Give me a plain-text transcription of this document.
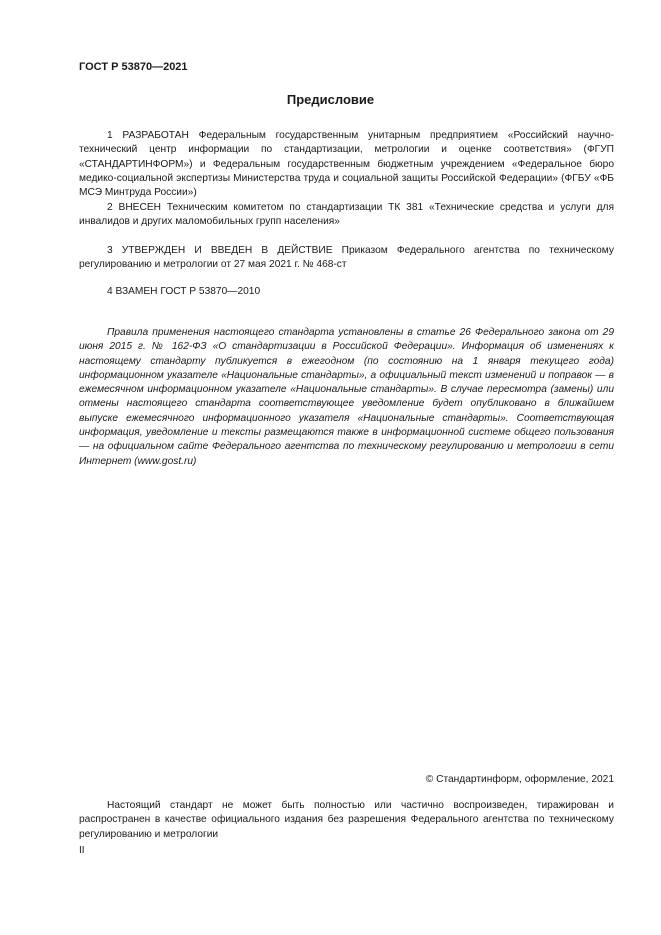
ГОСТ Р 53870—2021
Предисловие

1 РАЗРАБОТАН Федеральным государственным унитарным предприятием «Российский научно-технический центр информации по стандартизации, метрологии и оценке соответствия» (ФГУП «СТАНДАРТИНФОРМ») и Федеральным государственным бюджетным учреждением «Федеральное бюро медико-социальной экспертизы Министерства труда и социальной защиты Российской Федерации» (ФГБУ «ФБ МСЭ Минтруда России»)

2 ВНЕСЕН Техническим комитетом по стандартизации ТК 381 «Технические средства и услуги для инвалидов и других маломобильных групп населения»

3 УТВЕРЖДЕН И ВВЕДЕН В ДЕЙСТВИЕ Приказом Федерального агентства по техническому регулированию и метрологии от 27 мая 2021 г. № 468-ст

4 ВЗАМЕН ГОСТ Р 53870—2010

Правила применения настоящего стандарта установлены в статье 26 Федерального закона от 29 июня 2015 г. № 162-ФЗ «О стандартизации в Российской Федерации». Информация об изменениях к настоящему стандарту публикуется в ежегодном (по состоянию на 1 января текущего года) информационном указателе «Национальные стандарты», а официальный текст изменений и поправок — в ежемесячном информационном указателе «Национальные стандарты». В случае пересмотра (замены) или отмены настоящего стандарта соответствующее уведомление будет опубликовано в ближайшем выпуске ежемесячного информационного указателя «Национальные стандарты». Соответствующая информация, уведомление и тексты размещаются также в информационной системе общего пользования — на официальном сайте Федерального агентства по техническому регулированию и метрологии в сети Интернет (www.gost.ru)

© Стандартинформ, оформление, 2021

Настоящий стандарт не может быть полностью или частично воспроизведен, тиражирован и распространен в качестве официального издания без разрешения Федерального агентства по техническому регулированию и метрологии

II
